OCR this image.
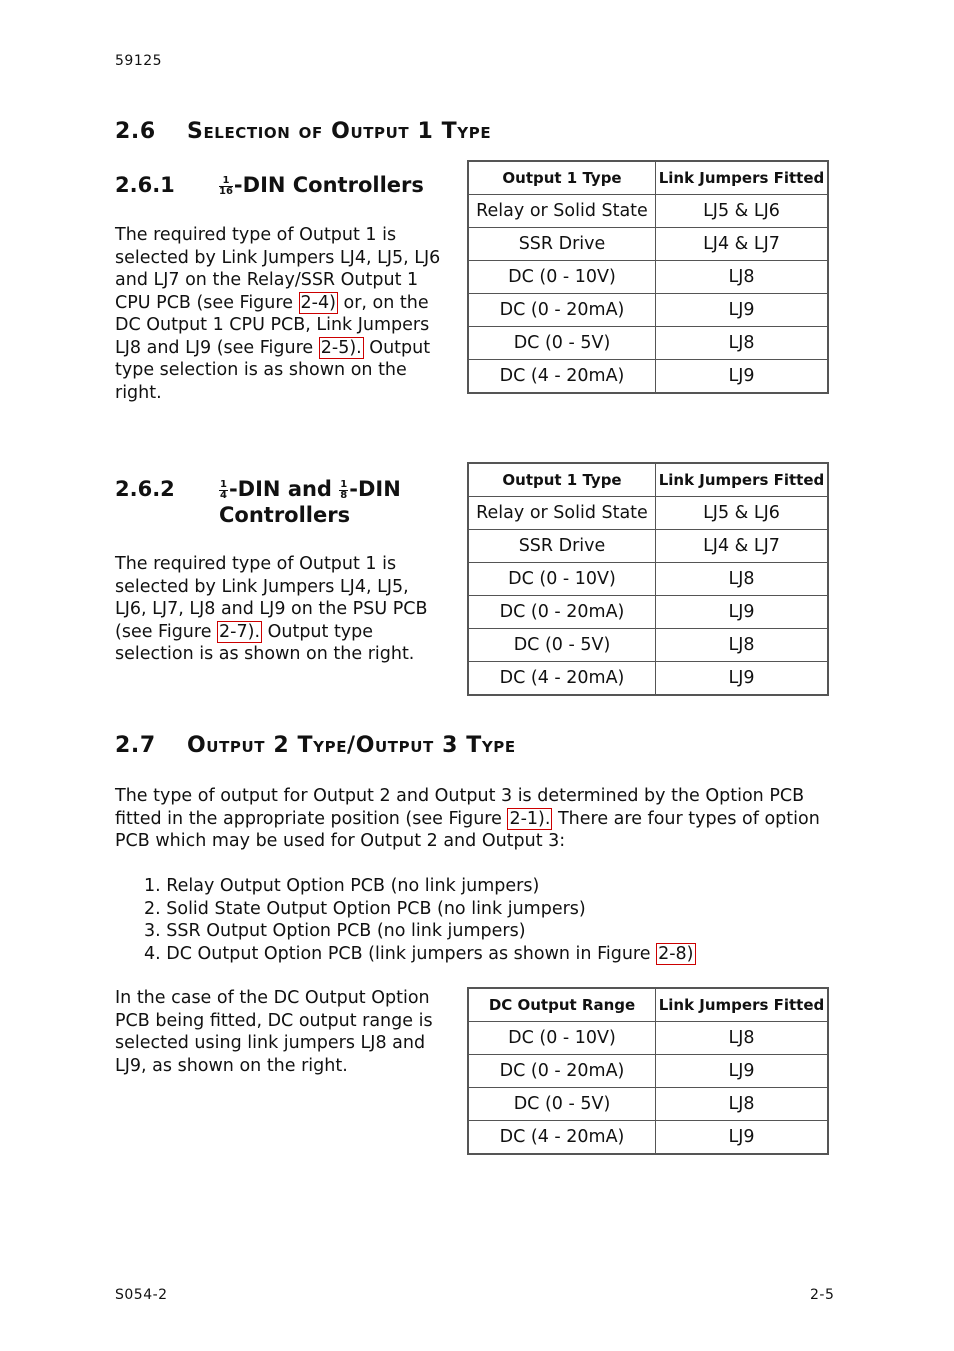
59125
2.6 Selection of Output 1 Type
2.6.1	$\frac{1}{16} -DIN$ Controllers
The required type of Output 1 is selected by Link Jumpers LJ4, LJ5, LJ6 and LJ7 on the Relay/SSR Output 1 CPU PCB (see Figure 2-4) or, on the DC Output 1 CPU PCB, Link Jumpers LJ8 and LJ9 (see Figure 2-5). Output type selection is as shown on the right.
Output 1 Type	Link Jumpers Fitted
Relay or Solid State	LJ5 & LJ6
SSR Drive	LJ4 & LJ7
DC (0 - 10V)	LJ8
DC (0 - 20mA)	LJ9
DC (0 - 5V)	LJ8
DC (4 - 20mA)	LJ9
2.6.2	$\frac{1}{4} -DIN$ and $\frac{1}{8} -DIN$
Controllers
The required type of Output 1 is selected by Link Jumpers LJ4, LJ5, LJ6, LJ7, LJ8 and LJ9 on the PSU PCB (see Figure 2-7). Output type selection is as shown on the right.
Output 1 Type	Link Jumpers Fitted
Relay or Solid State	LJ5 & LJ6
SSR Drive	LJ4 & LJ7
DC (0 - 10V)	LJ8
DC (0 - 20mA)	LJ9
DC (0 - 5V)	LJ8
DC (4 - 20mA)	LJ9
2.7 Output 2 Type/Output 3 Type
The type of output for Output 2 and Output 3 is determined by the Option PCB fitted in the appropriate position (see Figure 2-1). There are four types of option PCB which may be used for Output 2 and Output 3:
1. Relay Output Option PCB (no link jumpers)
2. Solid State Output Option PCB (no link jumpers)
3. SSR Output Option PCB (no link jumpers)
4. DC Output Option PCB (link jumpers as shown in Figure 2-8)
In the case of the DC Output Option PCB being fitted, DC output range is selected using link jumpers LJ8 and LJ9, as shown on the right.
DC Output Range	Link Jumpers Fitted
DC (0 - 10V)	LJ8
DC (0 - 20mA)	LJ9
DC (0 - 5V)	LJ8
DC (4 - 20mA)	LJ9
S054-2	2-5
